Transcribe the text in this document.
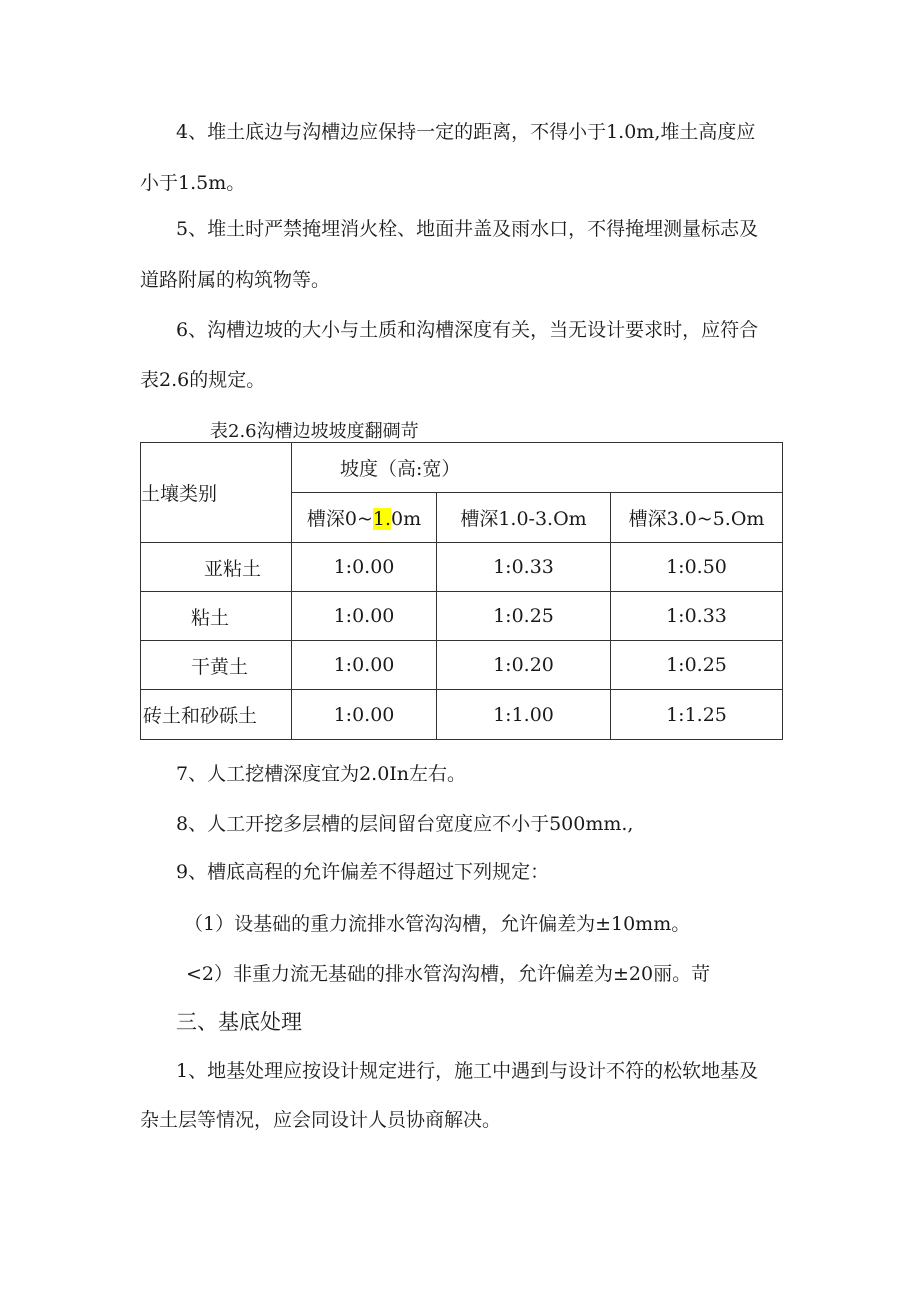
4、堆土底边与沟槽边应保持一定的距离，不得小于1.0m,堆土高度应
小于1.5m。
5、堆土时严禁掩埋消火栓、地面井盖及雨水口，不得掩埋测量标志及
道路附属的构筑物等。
6、沟槽边坡的大小与土质和沟槽深度有关，当无设计要求时，应符合
表2.6的规定。
表2.6沟槽边坡坡度翻碉苛
土壤类别	坡度（高:宽）		
	槽深0~1.0m	槽深1.0-3.Om	槽深3.0~5.Om
亚粘土	1:0.00	1:0.33	1:0.50
粘土	1:0.00	1:0.25	1:0.33
干黄土	1:0.00	1:0.20	1:0.25
砖土和砂砾土	1:0.00	1:1.00	1:1.25
7、人工挖槽深度宜为2.0In左右。
8、人工开挖多层槽的层间留台宽度应不小于500mm.,
9、槽底高程的允许偏差不得超过下列规定：
（1）设基础的重力流排水管沟沟槽，允许偏差为±10mm。
<2）非重力流无基础的排水管沟沟槽，允许偏差为±20丽。苛
三、基底处理
1、地基处理应按设计规定进行，施工中遇到与设计不符的松软地基及
杂土层等情况，应会同设计人员协商解决。
